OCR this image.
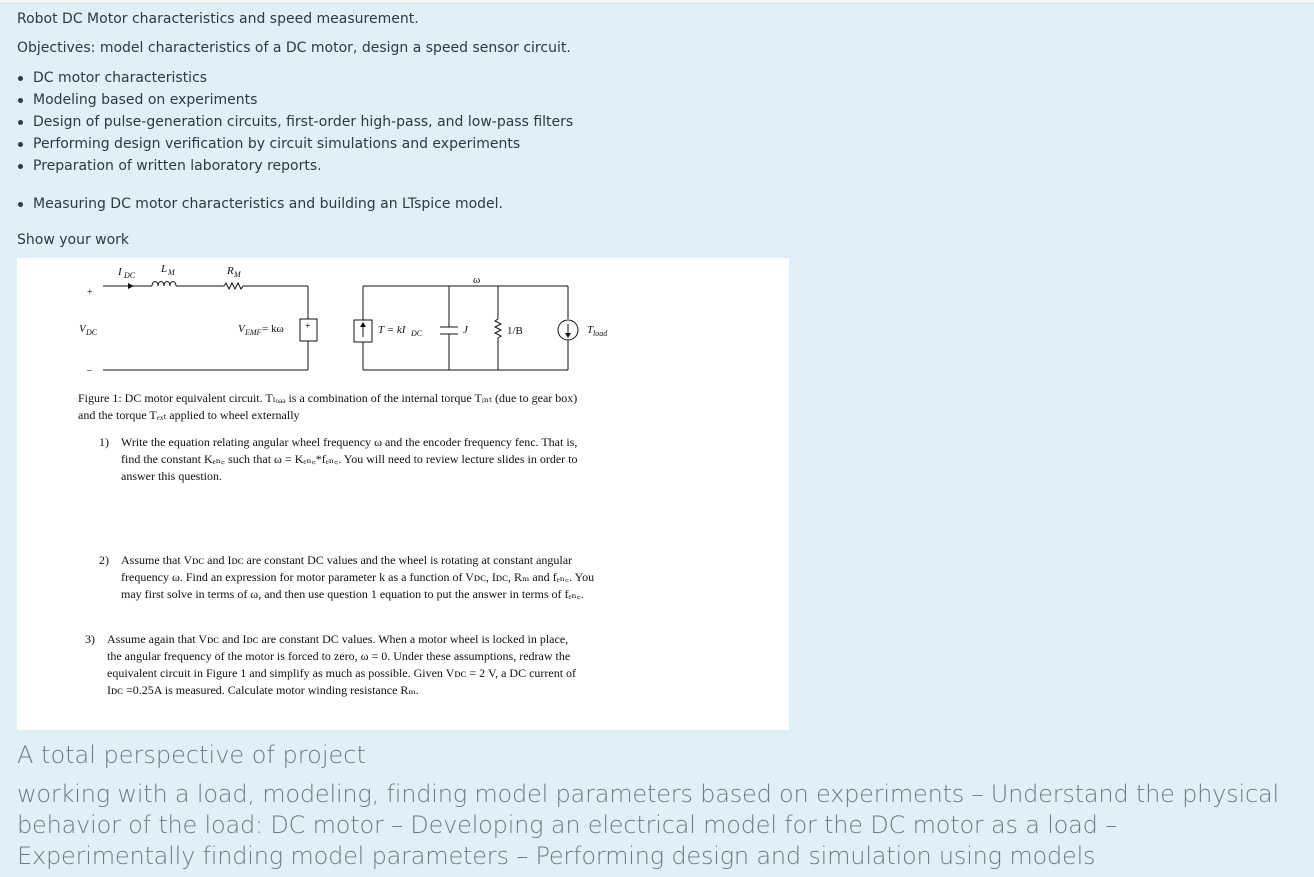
Robot DC Motor characteristics and speed measurement.

Objectives: model characteristics of a DC motor, design a speed sensor circuit.

DC motor characteristics
Modeling based on experiments
Design of pulse-generation circuits, first-order high-pass, and low-pass filters
Performing design verification by circuit simulations and experiments
Preparation of written laboratory reports.
Measuring DC motor characteristics and building an LTspice model.

Show your work

I DC
L M	R M
+
–
V DC	V EMF = kω +	T = kI DC
ω
J	1/B	T load
Figure 1: DC motor equivalent circuit. Tₗₒₐₔ is a combination of the internal torque Tᵢₙₜ (due to gear box)
and the torque Tₑₓₜ applied to wheel externally
1)	Write the equation relating angular wheel frequency ω and the encoder frequency fenc. That is,
find the constant Kₑₙ꜀ such that ω = Kₑₙ꜀*fₑₙ꜀. You will need to review lecture slides in order to
answer this question.
2)	Assume that Vᴅᴄ and Iᴅᴄ are constant DC values and the wheel is rotating at constant angular
frequency ω. Find an expression for motor parameter k as a function of Vᴅᴄ, Iᴅᴄ, Rₘ and fₑₙ꜀. You
may first solve in terms of ω, and then use question 1 equation to put the answer in terms of fₑₙ꜀.
3)	Assume again that Vᴅᴄ and Iᴅᴄ are constant DC values. When a motor wheel is locked in place,
the angular frequency of the motor is forced to zero, ω = 0. Under these assumptions, redraw the
equivalent circuit in Figure 1 and simplify as much as possible. Given Vᴅᴄ = 2 V, a DC current of
Iᴅᴄ =0.25A is measured. Calculate motor winding resistance Rₘ.
A total perspective of project
working with a load, modeling, finding model parameters based on experiments – Understand the physical behavior of the load: DC motor – Developing an electrical model for the DC motor as a load – Experimentally finding model parameters – Performing design and simulation using models
